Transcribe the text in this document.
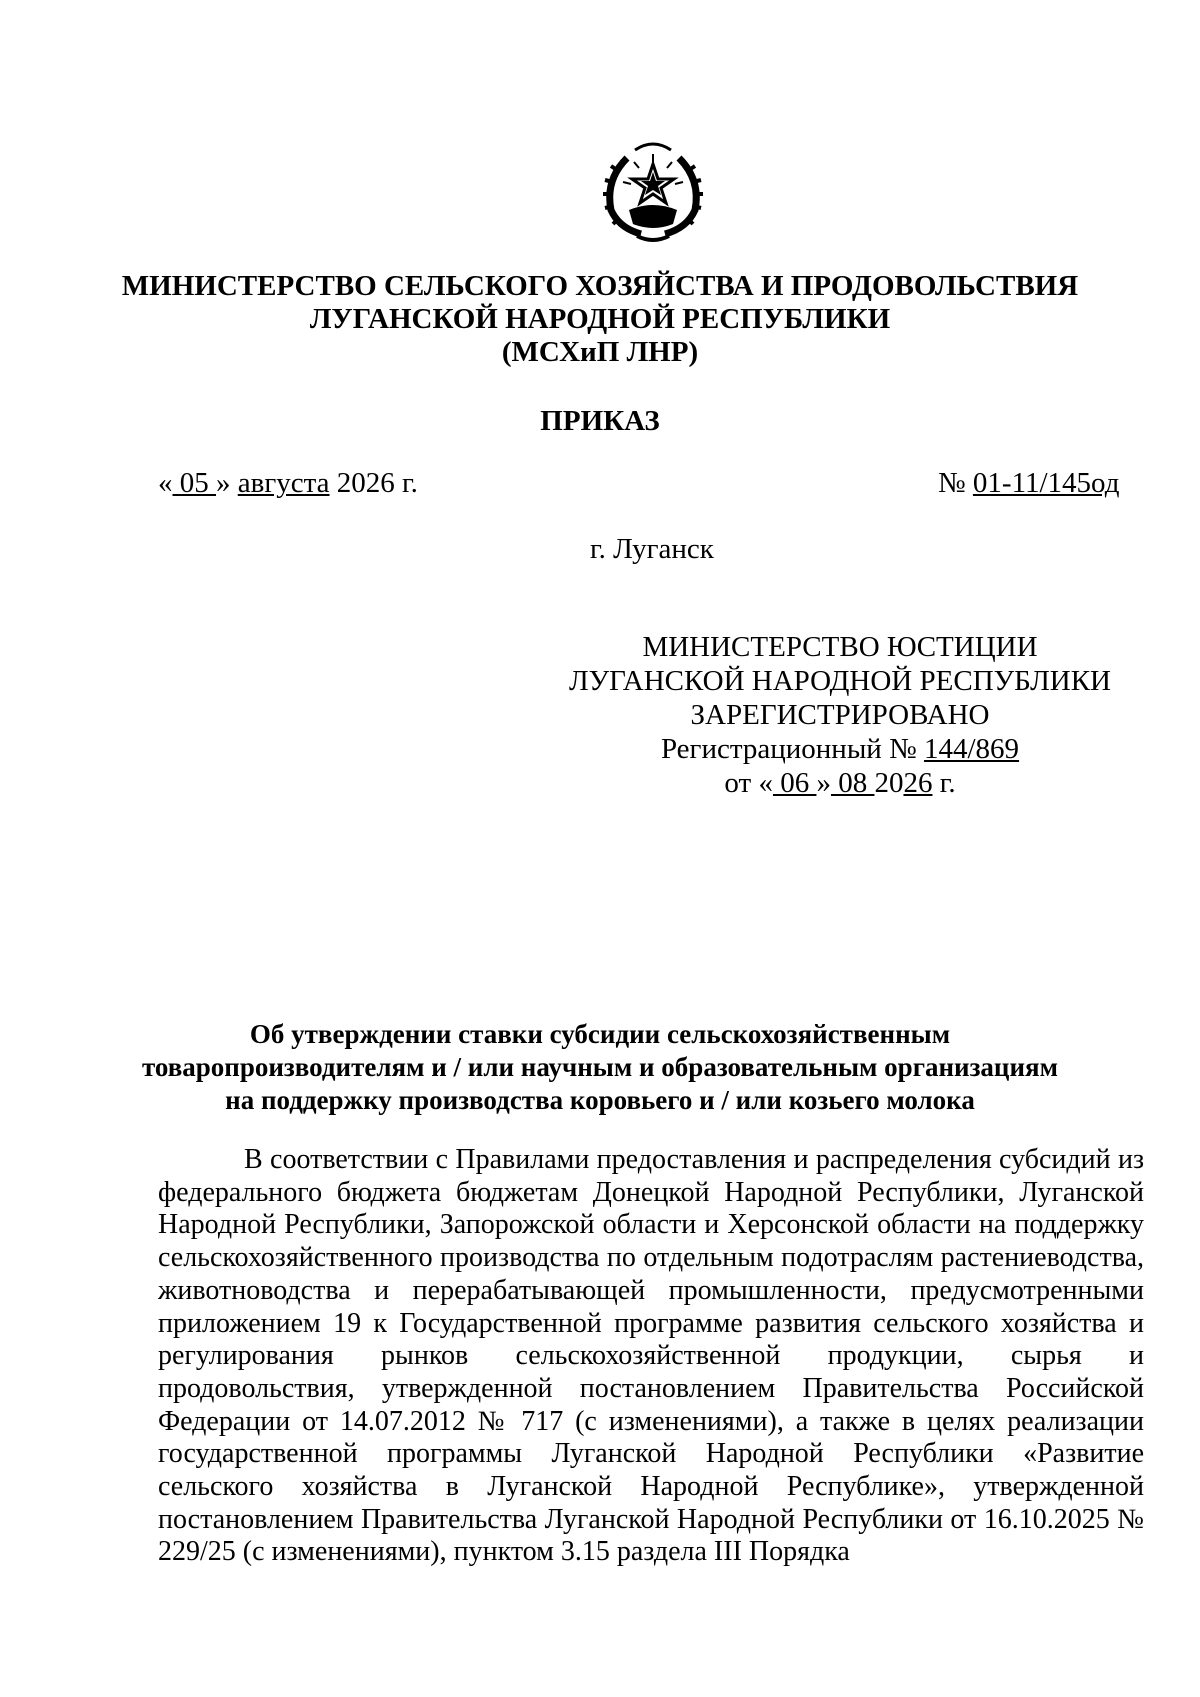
МИНИСТЕРСТВО СЕЛЬСКОГО ХОЗЯЙСТВА И ПРОДОВОЛЬСТВИЯ
ЛУГАНСКОЙ НАРОДНОЙ РЕСПУБЛИКИ
(МСХиП ЛНР)
ПРИКАЗ
« 05 » августа 2026 г.	№ 01-11/145од
г. Луганск
МИНИСТЕРСТВО ЮСТИЦИИ
ЛУГАНСКОЙ НАРОДНОЙ РЕСПУБЛИКИ
ЗАРЕГИСТРИРОВАНО
Регистрационный № 144/869
от « 06 » 08 2026 г.
Об утверждении ставки субсидии сельскохозяйственным
товаропроизводителям и / или научным и образовательным организациям
на поддержку производства коровьего и / или козьего молока

В соответствии с Правилами предоставления и распределения субсидий из федерального бюджета бюджетам Донецкой Народной Республики, Луганской Народной Республики, Запорожской области и Херсонской области на поддержку сельскохозяйственного производства по отдельным подотраслям растениеводства, животноводства и перерабатывающей промышленности, предусмотренными приложением 19 к Государственной программе развития сельского хозяйства и регулирования рынков сельскохозяйственной продукции, сырья и продовольствия, утвержденной постановлением Правительства Российской Федерации от 14.07.2012 № 717 (с изменениями), а также в целях реализации государственной программы Луганской Народной Республики «Развитие сельского хозяйства в Луганской Народной Республике», утвержденной постановлением Правительства Луганской Народной Республики от 16.10.2025 № 229/25 (с изменениями), пунктом 3.15 раздела III Порядка
